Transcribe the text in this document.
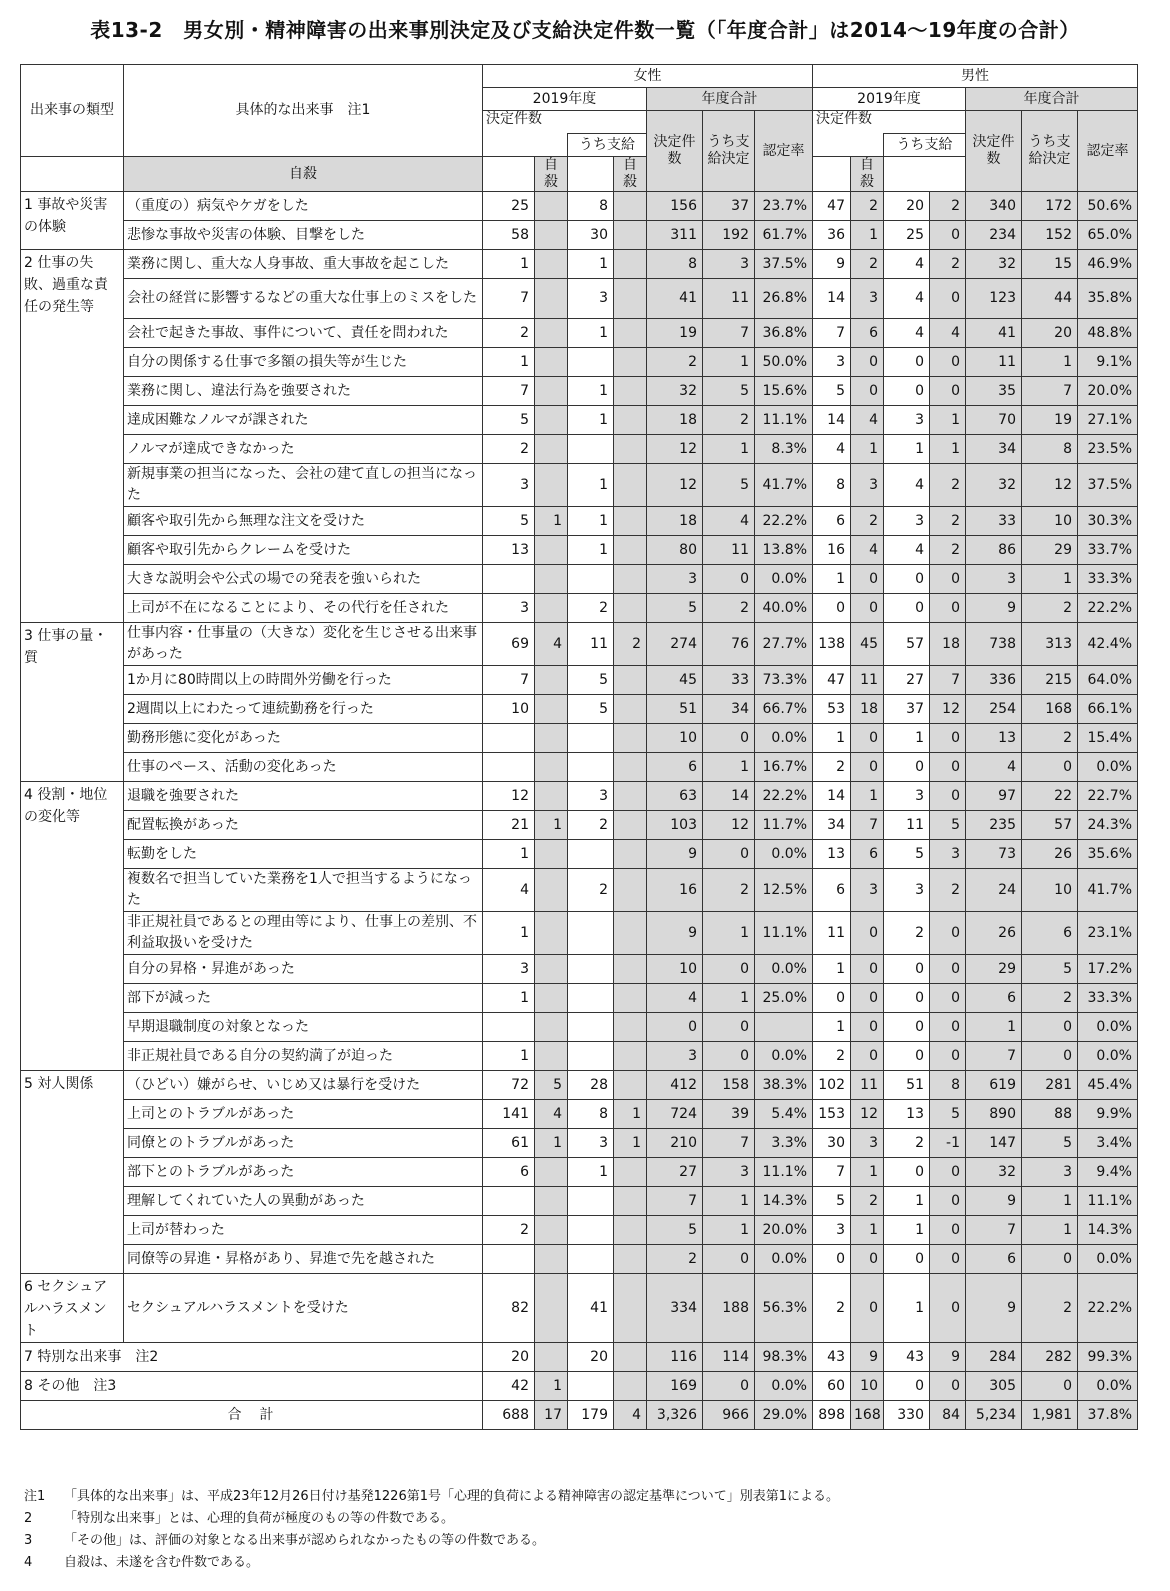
表13-2　男女別・精神障害の出来事別決定及び支給決定件数一覧（「年度合計」は2014～19年度の合計）
出来事の類型	具体的な出来事　注1	女性							男性						
		2019年度				年度合計			2019年度				年度合計		
		決定件数				決定件数	うち支給決定	認定率	決定件数				決定件数	うち支給決定	認定率
				うち支給							うち支給				
	自殺		自殺		自殺					自殺					
1 事故や災害の体験	（重度の）病気やケガをした	25		8		156	37	23.7%	47	2	20	2	340	172	50.6%
	悲惨な事故や災害の体験、目撃をした	58		30		311	192	61.7%	36	1	25	0	234	152	65.0%
2 仕事の失敗、過重な責任の発生等	業務に関し、重大な人身事故、重大事故を起こした	1		1		8	3	37.5%	9	2	4	2	32	15	46.9%
	会社の経営に影響するなどの重大な仕事上のミスをした	7		3		41	11	26.8%	14	3	4	0	123	44	35.8%
	会社で起きた事故、事件について、責任を問われた	2		1		19	7	36.8%	7	6	4	4	41	20	48.8%
	自分の関係する仕事で多額の損失等が生じた	1				2	1	50.0%	3	0	0	0	11	1	9.1%
	業務に関し、違法行為を強要された	7		1		32	5	15.6%	5	0	0	0	35	7	20.0%
	達成困難なノルマが課された	5		1		18	2	11.1%	14	4	3	1	70	19	27.1%
	ノルマが達成できなかった	2				12	1	8.3%	4	1	1	1	34	8	23.5%
	新規事業の担当になった、会社の建て直しの担当になった	3		1		12	5	41.7%	8	3	4	2	32	12	37.5%
	顧客や取引先から無理な注文を受けた	5	1	1		18	4	22.2%	6	2	3	2	33	10	30.3%
	顧客や取引先からクレームを受けた	13		1		80	11	13.8%	16	4	4	2	86	29	33.7%
	大きな説明会や公式の場での発表を強いられた					3	0	0.0%	1	0	0	0	3	1	33.3%
	上司が不在になることにより、その代行を任された	3		2		5	2	40.0%	0	0	0	0	9	2	22.2%
3 仕事の量・質	仕事内容・仕事量の（大きな）変化を生じさせる出来事があった	69	4	11	2	274	76	27.7%	138	45	57	18	738	313	42.4%
	1か月に80時間以上の時間外労働を行った	7		5		45	33	73.3%	47	11	27	7	336	215	64.0%
	2週間以上にわたって連続勤務を行った	10		5		51	34	66.7%	53	18	37	12	254	168	66.1%
	勤務形態に変化があった					10	0	0.0%	1	0	1	0	13	2	15.4%
	仕事のペース、活動の変化あった					6	1	16.7%	2	0	0	0	4	0	0.0%
4 役割・地位の変化等	退職を強要された	12		3		63	14	22.2%	14	1	3	0	97	22	22.7%
	配置転換があった	21	1	2		103	12	11.7%	34	7	11	5	235	57	24.3%
	転勤をした	1				9	0	0.0%	13	6	5	3	73	26	35.6%
	複数名で担当していた業務を1人で担当するようになった	4		2		16	2	12.5%	6	3	3	2	24	10	41.7%
	非正規社員であるとの理由等により、仕事上の差別、不利益取扱いを受けた	1				9	1	11.1%	11	0	2	0	26	6	23.1%
	自分の昇格・昇進があった	3				10	0	0.0%	1	0	0	0	29	5	17.2%
	部下が減った	1				4	1	25.0%	0	0	0	0	6	2	33.3%
	早期退職制度の対象となった					0	0		1	0	0	0	1	0	0.0%
	非正規社員である自分の契約満了が迫った	1				3	0	0.0%	2	0	0	0	7	0	0.0%
5 対人関係	（ひどい）嫌がらせ、いじめ又は暴行を受けた	72	5	28		412	158	38.3%	102	11	51	8	619	281	45.4%
	上司とのトラブルがあった	141	4	8	1	724	39	5.4%	153	12	13	5	890	88	9.9%
	同僚とのトラブルがあった	61	1	3	1	210	7	3.3%	30	3	2	-1	147	5	3.4%
	部下とのトラブルがあった	6		1		27	3	11.1%	7	1	0	0	32	3	9.4%
	理解してくれていた人の異動があった					7	1	14.3%	5	2	1	0	9	1	11.1%
	上司が替わった	2				5	1	20.0%	3	1	1	0	7	1	14.3%
	同僚等の昇進・昇格があり、昇進で先を越された					2	0	0.0%	0	0	0	0	6	0	0.0%
6 セクシュアルハラスメント	セクシュアルハラスメントを受けた	82		41		334	188	56.3%	2	0	1	0	9	2	22.2%
7 特別な出来事　注2		20		20		116	114	98.3%	43	9	43	9	284	282	99.3%
8 その他　注3		42	1			169	0	0.0%	60	10	0	0	305	0	0.0%
合　計		688	17	179	4	3,326	966	29.0%	898	168	330	84	5,234	1,981	37.8%
注1	「具体的な出来事」は、平成23年12月26日付け基発1226第1号「心理的負荷による精神障害の認定基準について」別表第1による。
2	「特別な出来事」とは、心理的負荷が極度のもの等の件数である。
3	「その他」は、評価の対象となる出来事が認められなかったもの等の件数である。
4	自殺は、未遂を含む件数である。
